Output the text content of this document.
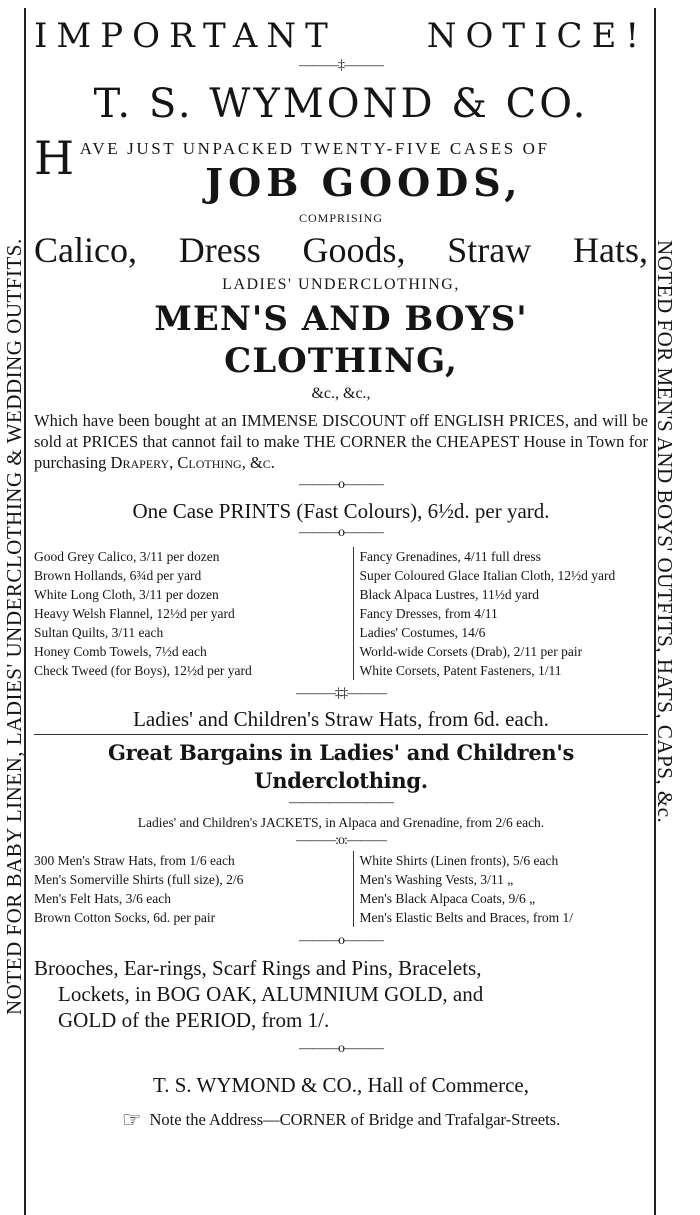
NOTED FOR BABY LINEN, LADIES' UNDERCLOTHING & WEDDING OUTFITS.	NOTED FOR MEN'S AND BOYS' OUTFITS, HATS, CAPS, &c.
IMPORTANT	NOTICE!
———‡———
T. S. WYMOND & CO.
H AVE JUST UNPACKED TWENTY-FIVE CASES OF
JOB GOODS,
COMPRISING
Calico, Dress Goods, Straw Hats,
LADIES' UNDERCLOTHING,
MEN'S AND BOYS' CLOTHING,
&c., &c.,
Which have been bought at an IMMENSE DISCOUNT off ENGLISH PRICES, and will be sold at PRICES that cannot fail to make THE CORNER the CHEAPEST House in Town for purchasing Drapery, Clothing, &c.
———o———
One Case PRINTS (Fast Colours), 6½d. per yard.
———o———
Good Grey Calico, 3/11 per dozen
Brown Hollands, 6¾d per yard
White Long Cloth, 3/11 per dozen
Heavy Welsh Flannel, 12½d per yard
Sultan Quilts, 3/11 each
Honey Comb Towels, 7½d each
Check Tweed (for Boys), 12½d per yard
Fancy Grenadines, 4/11 full dress
Super Coloured Glace Italian Cloth, 12½d yard
Black Alpaca Lustres, 11½d yard
Fancy Dresses, from 4/11
Ladies' Costumes, 14/6
World-wide Corsets (Drab), 2/11 per pair
White Corsets, Patent Fasteners, 1/11
———‡‡———
Ladies' and Children's Straw Hats, from 6d. each.
Great Bargains in Ladies' and Children's Underclothing.
————————
Ladies' and Children's JACKETS, in Alpaca and Grenadine, from 2/6 each.
———:o:———
300 Men's Straw Hats, from 1/6 each
Men's Somerville Shirts (full size), 2/6
Men's Felt Hats, 3/6 each
Brown Cotton Socks, 6d. per pair
White Shirts (Linen fronts), 5/6 each
Men's Washing Vests, 3/11 „
Men's Black Alpaca Coats, 9/6 „
Men's Elastic Belts and Braces, from 1/
———o———
Brooches, Ear-rings, Scarf Rings and Pins, Bracelets,
Lockets, in BOG OAK, ALUMNIUM GOLD, and
GOLD of the PERIOD, from 1/.
———o———
T. S. WYMOND & CO., Hall of Commerce,
☞ Note the Address—CORNER of Bridge and Trafalgar-Streets.
